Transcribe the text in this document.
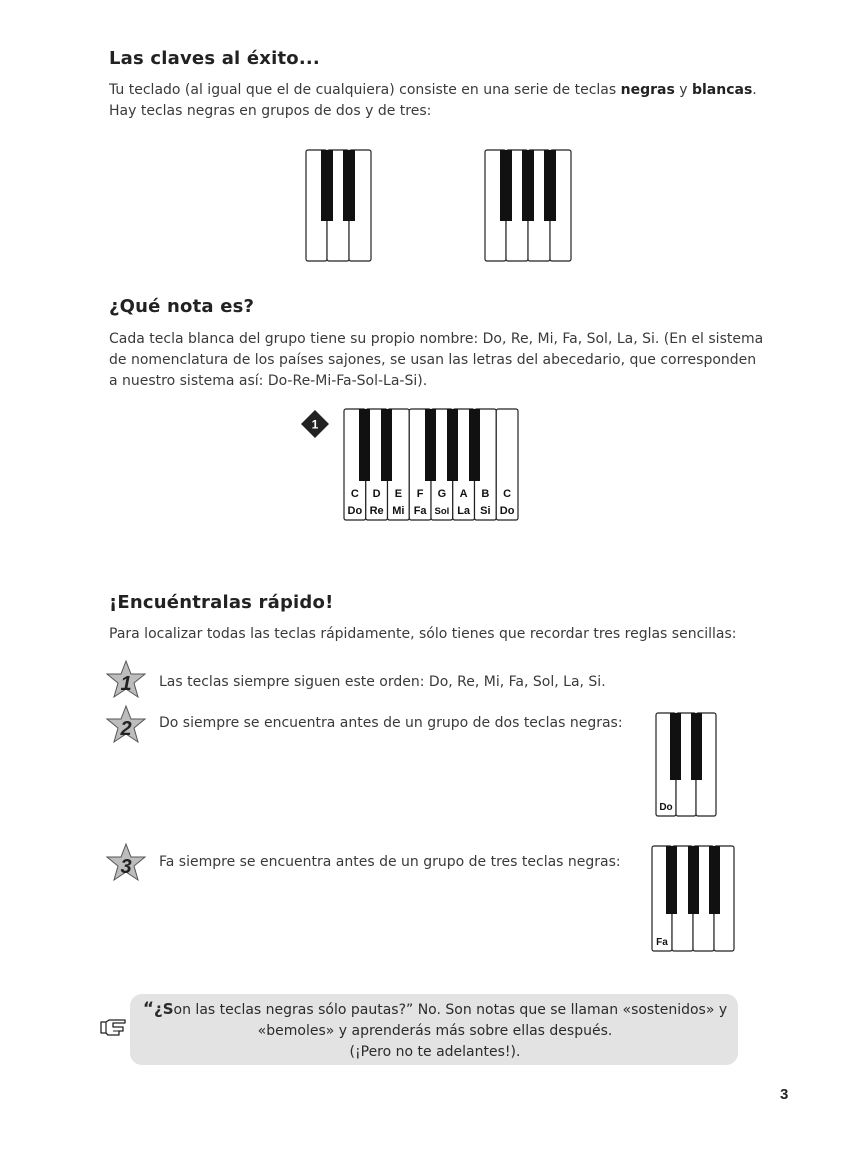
Las claves al éxito...

Tu teclado (al igual que el de cualquiera) consiste en una serie de teclas negras y blancas.

Hay teclas negras en grupos de dos y de tres:

¿Qué nota es?

Cada tecla blanca del grupo tiene su propio nombre: Do, Re, Mi, Fa, Sol, La, Si. (En el sistema

de nomenclatura de los países sajones, se usan las letras del abecedario, que corresponden

a nuestro sistema así: Do-Re-Mi-Fa-Sol-La-Si).

1
C
Do
D
Re
E
Mi
F
Fa
G
Sol
A
La
B
Si
C
Do
¡Encuéntralas rápido!

Para localizar todas las teclas rápidamente, sólo tienes que recordar tres reglas sencillas:

1 Las teclas siempre siguen este orden: Do, Re, Mi, Fa, Sol, La, Si.
2 Do siempre se encuentra antes de un grupo de dos teclas negras:
Do
3 Fa siempre se encuentra antes de un grupo de tres teclas negras:
Fa
“¿Son las teclas negras sólo pautas?” No. Son notas que se llaman «sostenidos» y
«bemoles» y aprenderás más sobre ellas después.
(¡Pero no te adelantes!).
3
